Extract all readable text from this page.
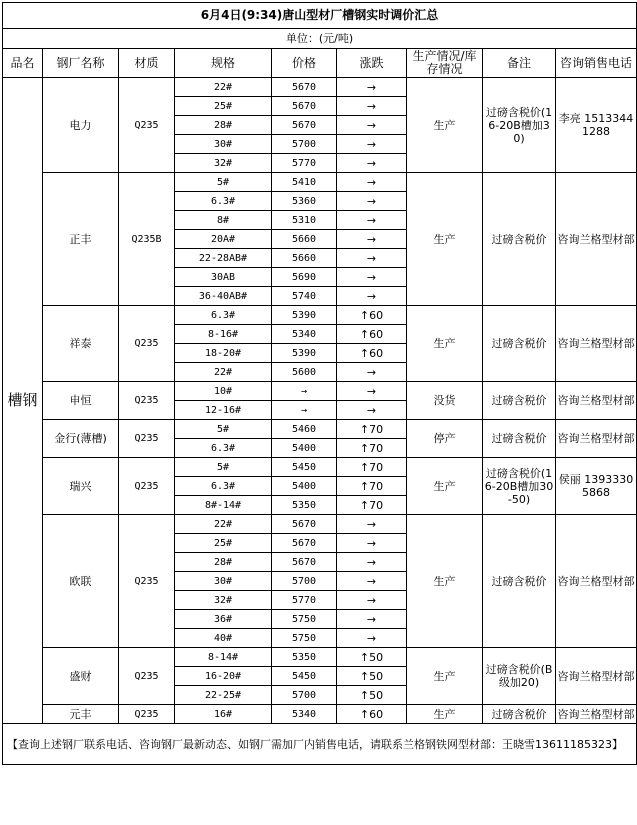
6月4日(9:34)唐山型材厂槽钢实时调价汇总								
单位：(元/吨)								
品名	钢厂名称	材质	规格	价格	涨跌	生产情况/库存情况	备注	咨询销售电话
槽钢	电力	Q235	22#	5670	→	生产	过磅含税价(16-20B槽加30)	李亮 15133441288
			25#	5670	→			
			28#	5670	→			
			30#	5700	→			
			32#	5770	→			
	正丰	Q235B	5#	5410	→	生产	过磅含税价	咨询兰格型材部
			6.3#	5360	→			
			8#	5310	→			
			20A#	5660	→			
			22-28AB#	5660	→			
			30AB	5690	→			
			36-40AB#	5740	→			
	祥泰	Q235	6.3#	5390	↑60	生产	过磅含税价	咨询兰格型材部
			8-16#	5340	↑60			
			18-20#	5390	↑60			
			22#	5600	→			
	申恒	Q235	10#	→	→	没货	过磅含税价	咨询兰格型材部
			12-16#	→	→			
	金行(薄槽)	Q235	5#	5460	↑70	停产	过磅含税价	咨询兰格型材部
			6.3#	5400	↑70			
	瑞兴	Q235	5#	5450	↑70	生产	过磅含税价(16-20B槽加30-50)	侯丽 13933305868
			6.3#	5400	↑70			
			8#-14#	5350	↑70			
	欧联	Q235	22#	5670	→	生产	过磅含税价	咨询兰格型材部
			25#	5670	→			
			28#	5670	→			
			30#	5700	→			
			32#	5770	→			
			36#	5750	→			
			40#	5750	→			
	盛财	Q235	8-14#	5350	↑50	生产	过磅含税价(B级加20)	咨询兰格型材部
			16-20#	5450	↑50			
			22-25#	5700	↑50			
	元丰	Q235	16#	5340	↑60	生产	过磅含税价	咨询兰格型材部
【查询上述钢厂联系电话、咨询钢厂最新动态、如钢厂需加厂内销售电话，请联系兰格钢铁网型材部：王晓雪13611185323】								
